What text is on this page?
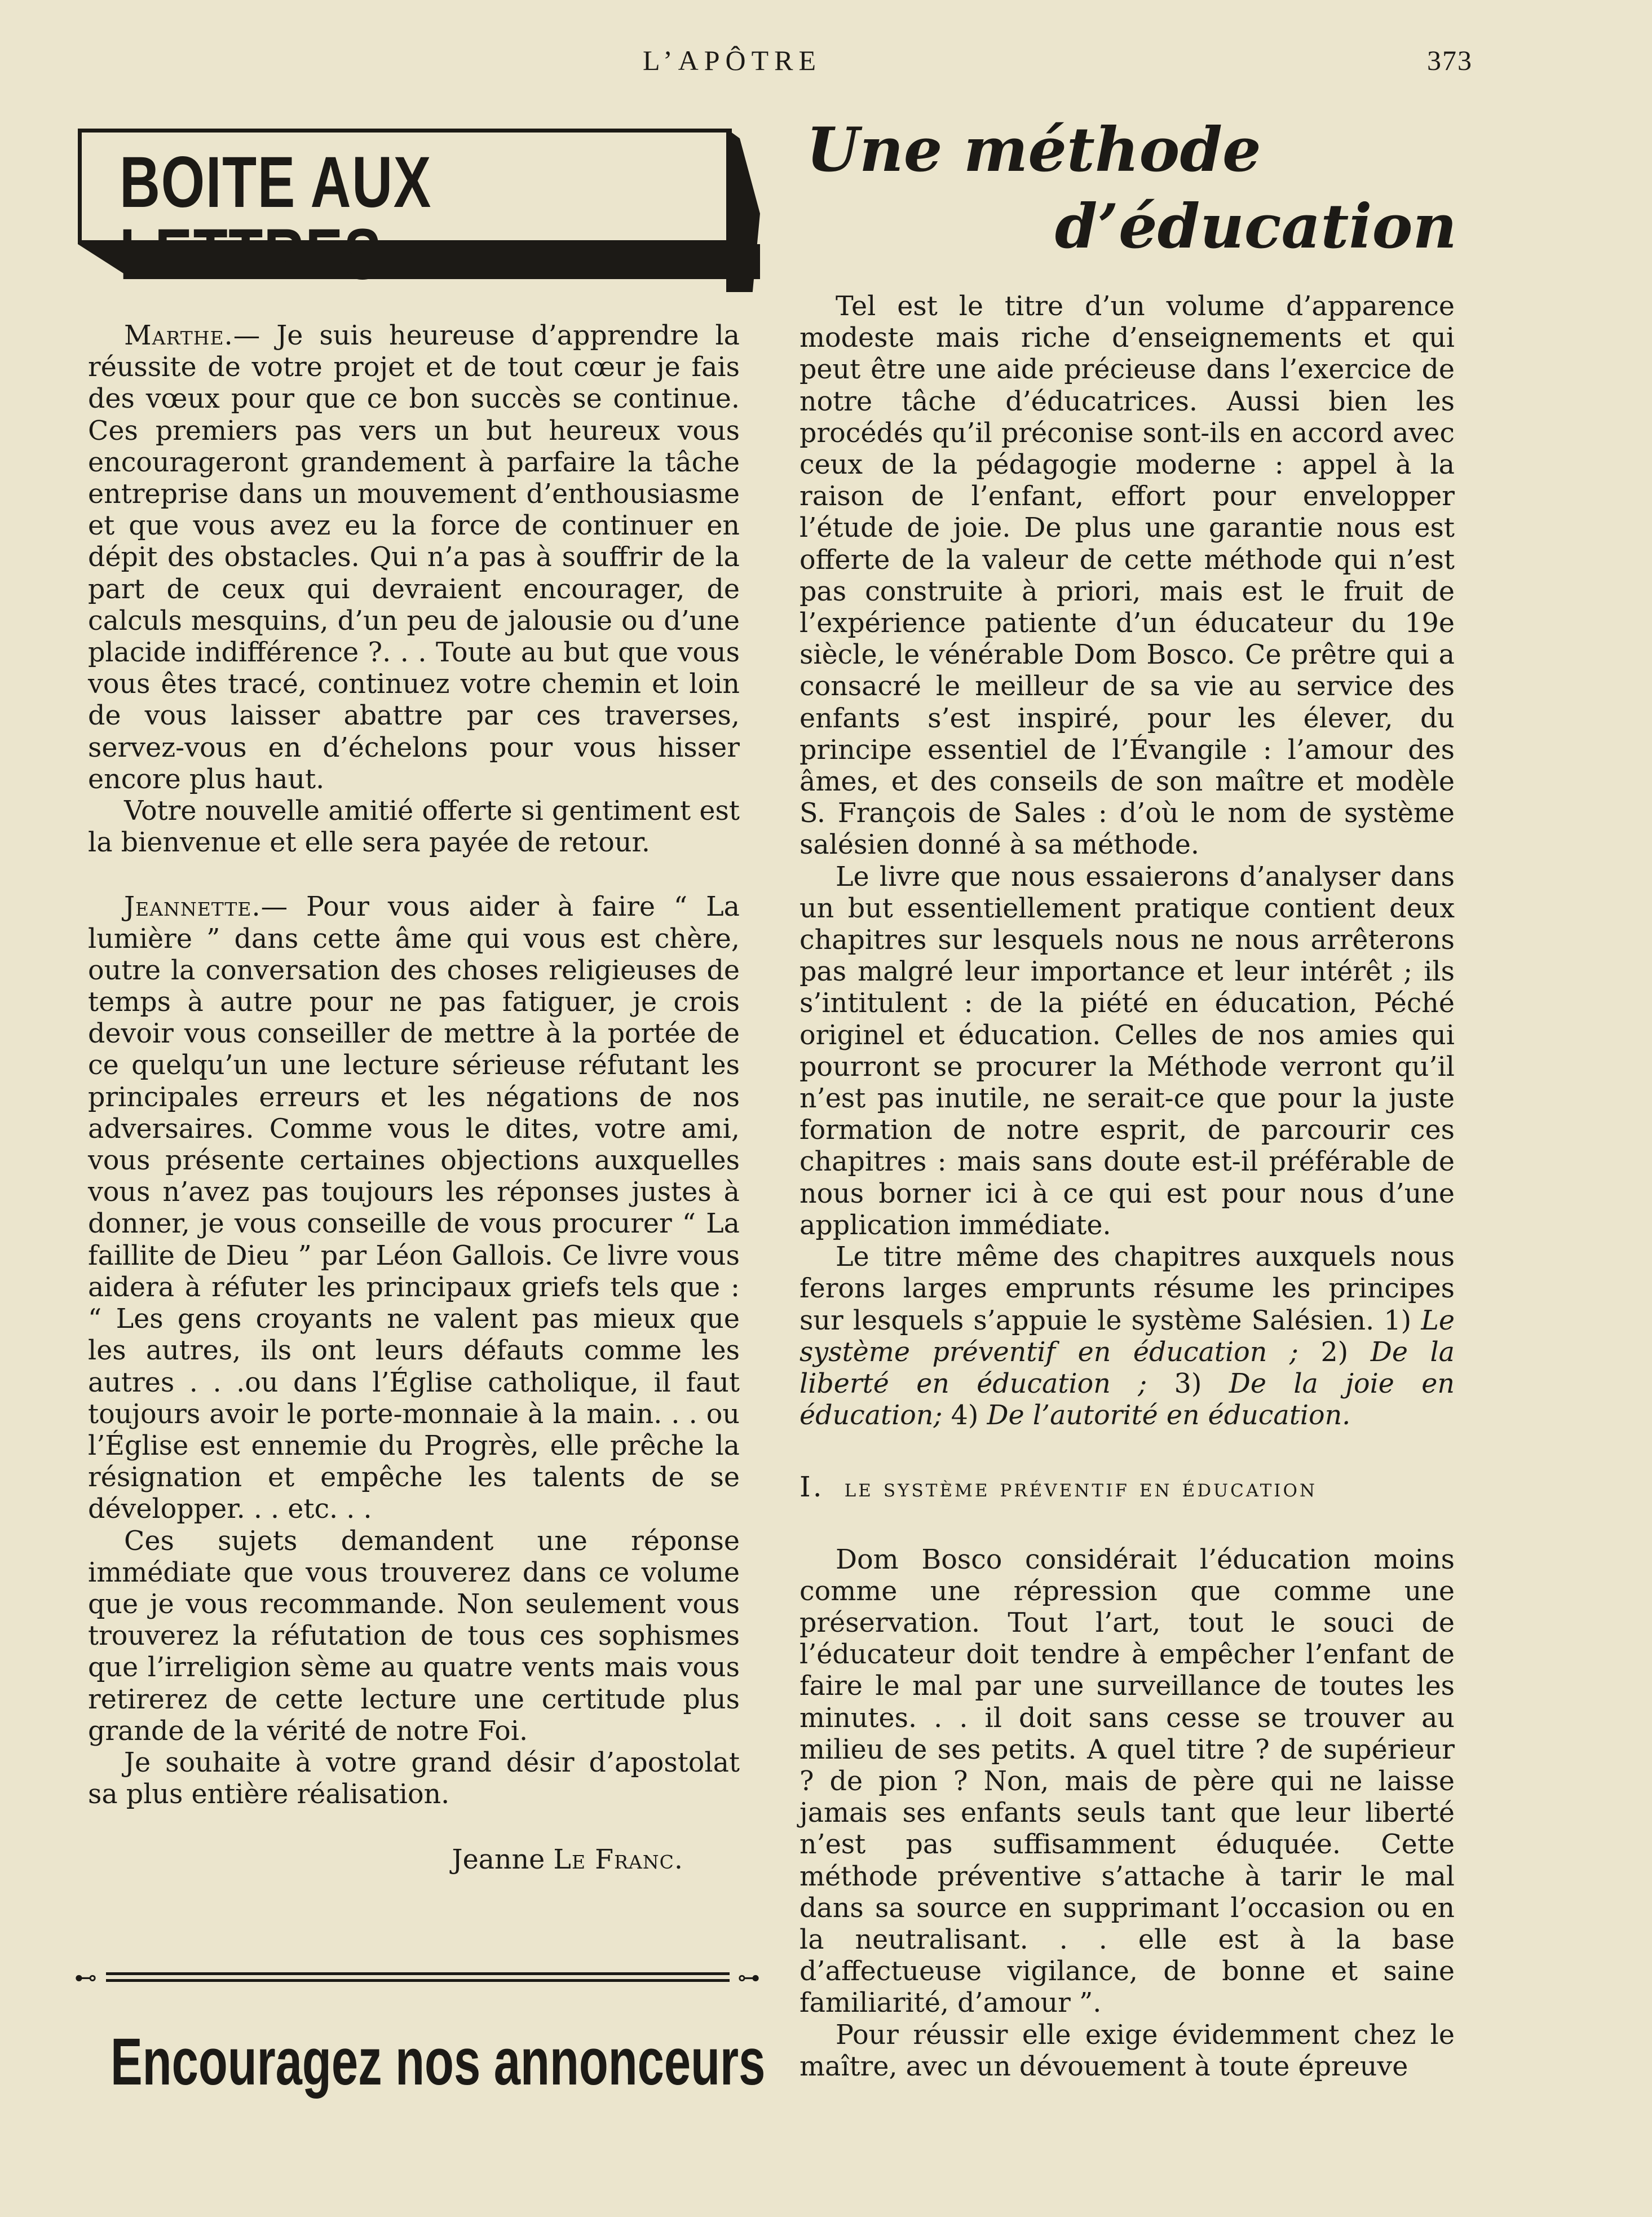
L’APÔTRE	373
BOITE AUX LETTRES

Marthe.— Je suis heureuse d’apprendre la réussite de votre projet et de tout cœur je fais des vœux pour que ce bon succès se continue. Ces premiers pas vers un but heureux vous encourageront grandement à parfaire la tâche entreprise dans un mouvement d’enthousiasme et que vous avez eu la force de continuer en dépit des obstacles. Qui n’a pas à souffrir de la part de ceux qui devraient encourager, de calculs mesquins, d’un peu de jalousie ou d’une placide indifférence ?. . . Toute au but que vous vous êtes tracé, continuez votre chemin et loin de vous laisser abattre par ces traverses, servez-vous en d’échelons pour vous hisser encore plus haut.

Votre nouvelle amitié offerte si gentiment est la bienvenue et elle sera payée de retour.

Jeannette.— Pour vous aider à faire “ La lumière ” dans cette âme qui vous est chère, outre la conversation des choses religieuses de temps à autre pour ne pas fatiguer, je crois devoir vous conseiller de mettre à la portée de ce quelqu’un une lecture sérieuse réfutant les principales erreurs et les négations de nos adversaires. Comme vous le dites, votre ami, vous présente certaines objections auxquelles vous n’avez pas toujours les réponses justes à donner, je vous conseille de vous procurer “ La faillite de Dieu ” par Léon Gallois. Ce livre vous aidera à réfuter les principaux griefs tels que : “ Les gens croyants ne valent pas mieux que les autres, ils ont leurs défauts comme les autres . . .ou dans l’Église catholique, il faut toujours avoir le porte-monnaie à la main. . . ou l’Église est ennemie du Progrès, elle prêche la résignation et empêche les talents de se développer. . . etc. . .

Ces sujets demandent une réponse immédiate que vous trouverez dans ce volume que je vous recommande. Non seulement vous trouverez la réfutation de tous ces sophismes que l’irreligion sème au quatre vents mais vous retirerez de cette lecture une certitude plus grande de la vérité de notre Foi.

Je souhaite à votre grand désir d’apostolat sa plus entière réalisation.

Jeanne Le Franc.

⊷	⊶
Encouragez nos annonceurs
Une méthode
d’éducation

Tel est le titre d’un volume d’apparence modeste mais riche d’enseignements et qui peut être une aide précieuse dans l’exercice de notre tâche d’éducatrices. Aussi bien les procédés qu’il préconise sont-ils en accord avec ceux de la pédagogie moderne : appel à la raison de l’enfant, effort pour envelopper l’étude de joie. De plus une garantie nous est offerte de la valeur de cette méthode qui n’est pas construite à priori, mais est le fruit de l’expérience patiente d’un éducateur du 19e siècle, le vénérable Dom Bosco. Ce prêtre qui a consacré le meilleur de sa vie au service des enfants s’est inspiré, pour les élever, du principe essentiel de l’Évangile : l’amour des âmes, et des conseils de son maître et modèle S. François de Sales : d’où le nom de système salésien donné à sa méthode.

Le livre que nous essaierons d’analyser dans un but essentiellement pratique contient deux chapitres sur lesquels nous ne nous arrêterons pas malgré leur importance et leur intérêt ; ils s’intitulent : de la piété en éducation, Péché originel et éducation. Celles de nos amies qui pourront se procurer la Méthode verront qu’il n’est pas inutile, ne serait-ce que pour la juste formation de notre esprit, de parcourir ces chapitres : mais sans doute est-il préférable de nous borner ici à ce qui est pour nous d’une application immédiate.

Le titre même des chapitres auxquels nous ferons larges emprunts résume les principes sur lesquels s’appuie le système Salésien. 1) Le système préventif en éducation ; 2) De la liberté en éducation ; 3) De la joie en éducation; 4) De l’autorité en éducation.

I. le système préventif en éducation

Dom Bosco considérait l’éducation moins comme une répression que comme une préservation. Tout l’art, tout le souci de l’éducateur doit tendre à empêcher l’enfant de faire le mal par une surveillance de toutes les minutes. . . il doit sans cesse se trouver au milieu de ses petits. A quel titre ? de supérieur ? de pion ? Non, mais de père qui ne laisse jamais ses enfants seuls tant que leur liberté n’est pas suffisamment éduquée. Cette méthode préventive s’attache à tarir le mal dans sa source en supprimant l’occasion ou en la neutralisant. . . elle est à la base d’affectueuse vigilance, de bonne et saine familiarité, d’amour ”.

Pour réussir elle exige évidemment chez le maître, avec un dévouement à toute épreuve
